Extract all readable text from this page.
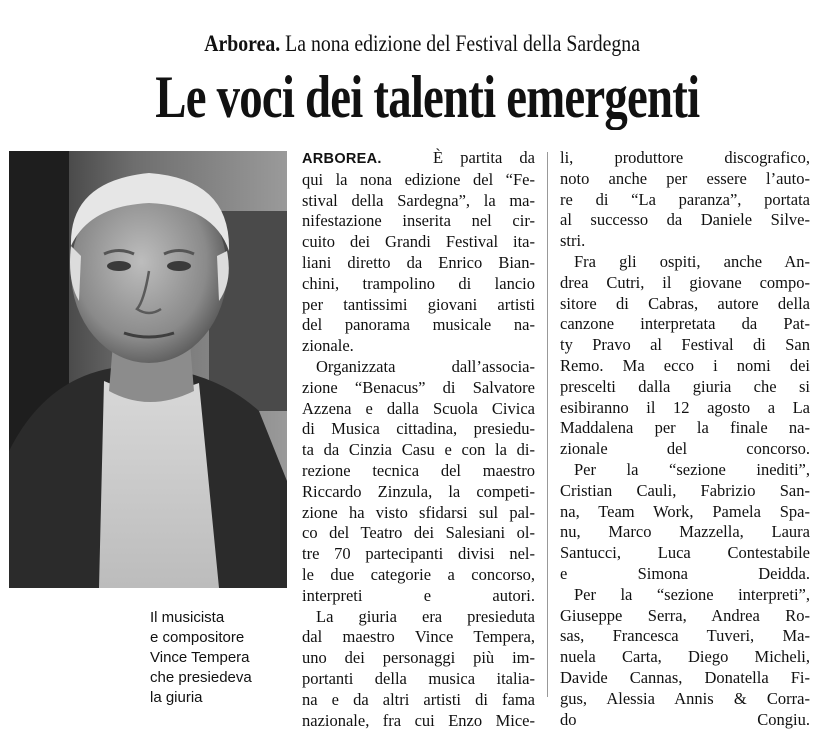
Arborea. La nona edizione del Festival della Sardegna
Le voci dei talenti emergenti
Il musicista
e compositore
Vince Tempera
che presiedeva
la giuria

ARBOREA.	È partita da
qui la nona edizione del “Fe-
stival della Sardegna”, la ma-
nifestazione inserita nel cir-
cuito dei Grandi Festival ita-
liani diretto da Enrico Bian-
chini, trampolino di lancio
per tantissimi giovani artisti
del panorama musicale na-
zionale.

Organizzata dall’associa-
zione “Benacus” di Salvatore
Azzena e dalla Scuola Civica
di Musica cittadina, presiedu-
ta da Cinzia Casu e con la di-
rezione tecnica del maestro
Riccardo Zinzula, la competi-
zione ha visto sfidarsi sul pal-
co del Teatro dei Salesiani ol-
tre 70 partecipanti divisi nel-
le due categorie a concorso,
interpreti e autori.

La giuria era presieduta
dal maestro Vince Tempera,
uno dei personaggi più im-
portanti della musica italia-
na e da altri artisti di fama
nazionale, fra cui Enzo Mice-

li, produttore discografico,
noto anche per essere l’auto-
re di “La paranza”, portata
al successo da Daniele Silve-
stri.

Fra gli ospiti, anche An-
drea Cutri, il giovane compo-
sitore di Cabras, autore della
canzone interpretata da Pat-
ty Pravo al Festival di San
Remo. Ma ecco i nomi dei
prescelti dalla giuria che si
esibiranno il 12 agosto a La
Maddalena per la finale na-
zionale del concorso.

Per la “sezione inediti”,
Cristian Cauli, Fabrizio San-
na, Team Work, Pamela Spa-
nu, Marco Mazzella, Laura
Santucci, Luca Contestabile
e Simona Deidda.

Per la “sezione interpreti”,
Giuseppe Serra, Andrea Ro-
sas, Francesca Tuveri, Ma-
nuela Carta, Diego Micheli,
Davide Cannas, Donatella Fi-
gus, Alessia Annis & Corra-
do Congiu.
